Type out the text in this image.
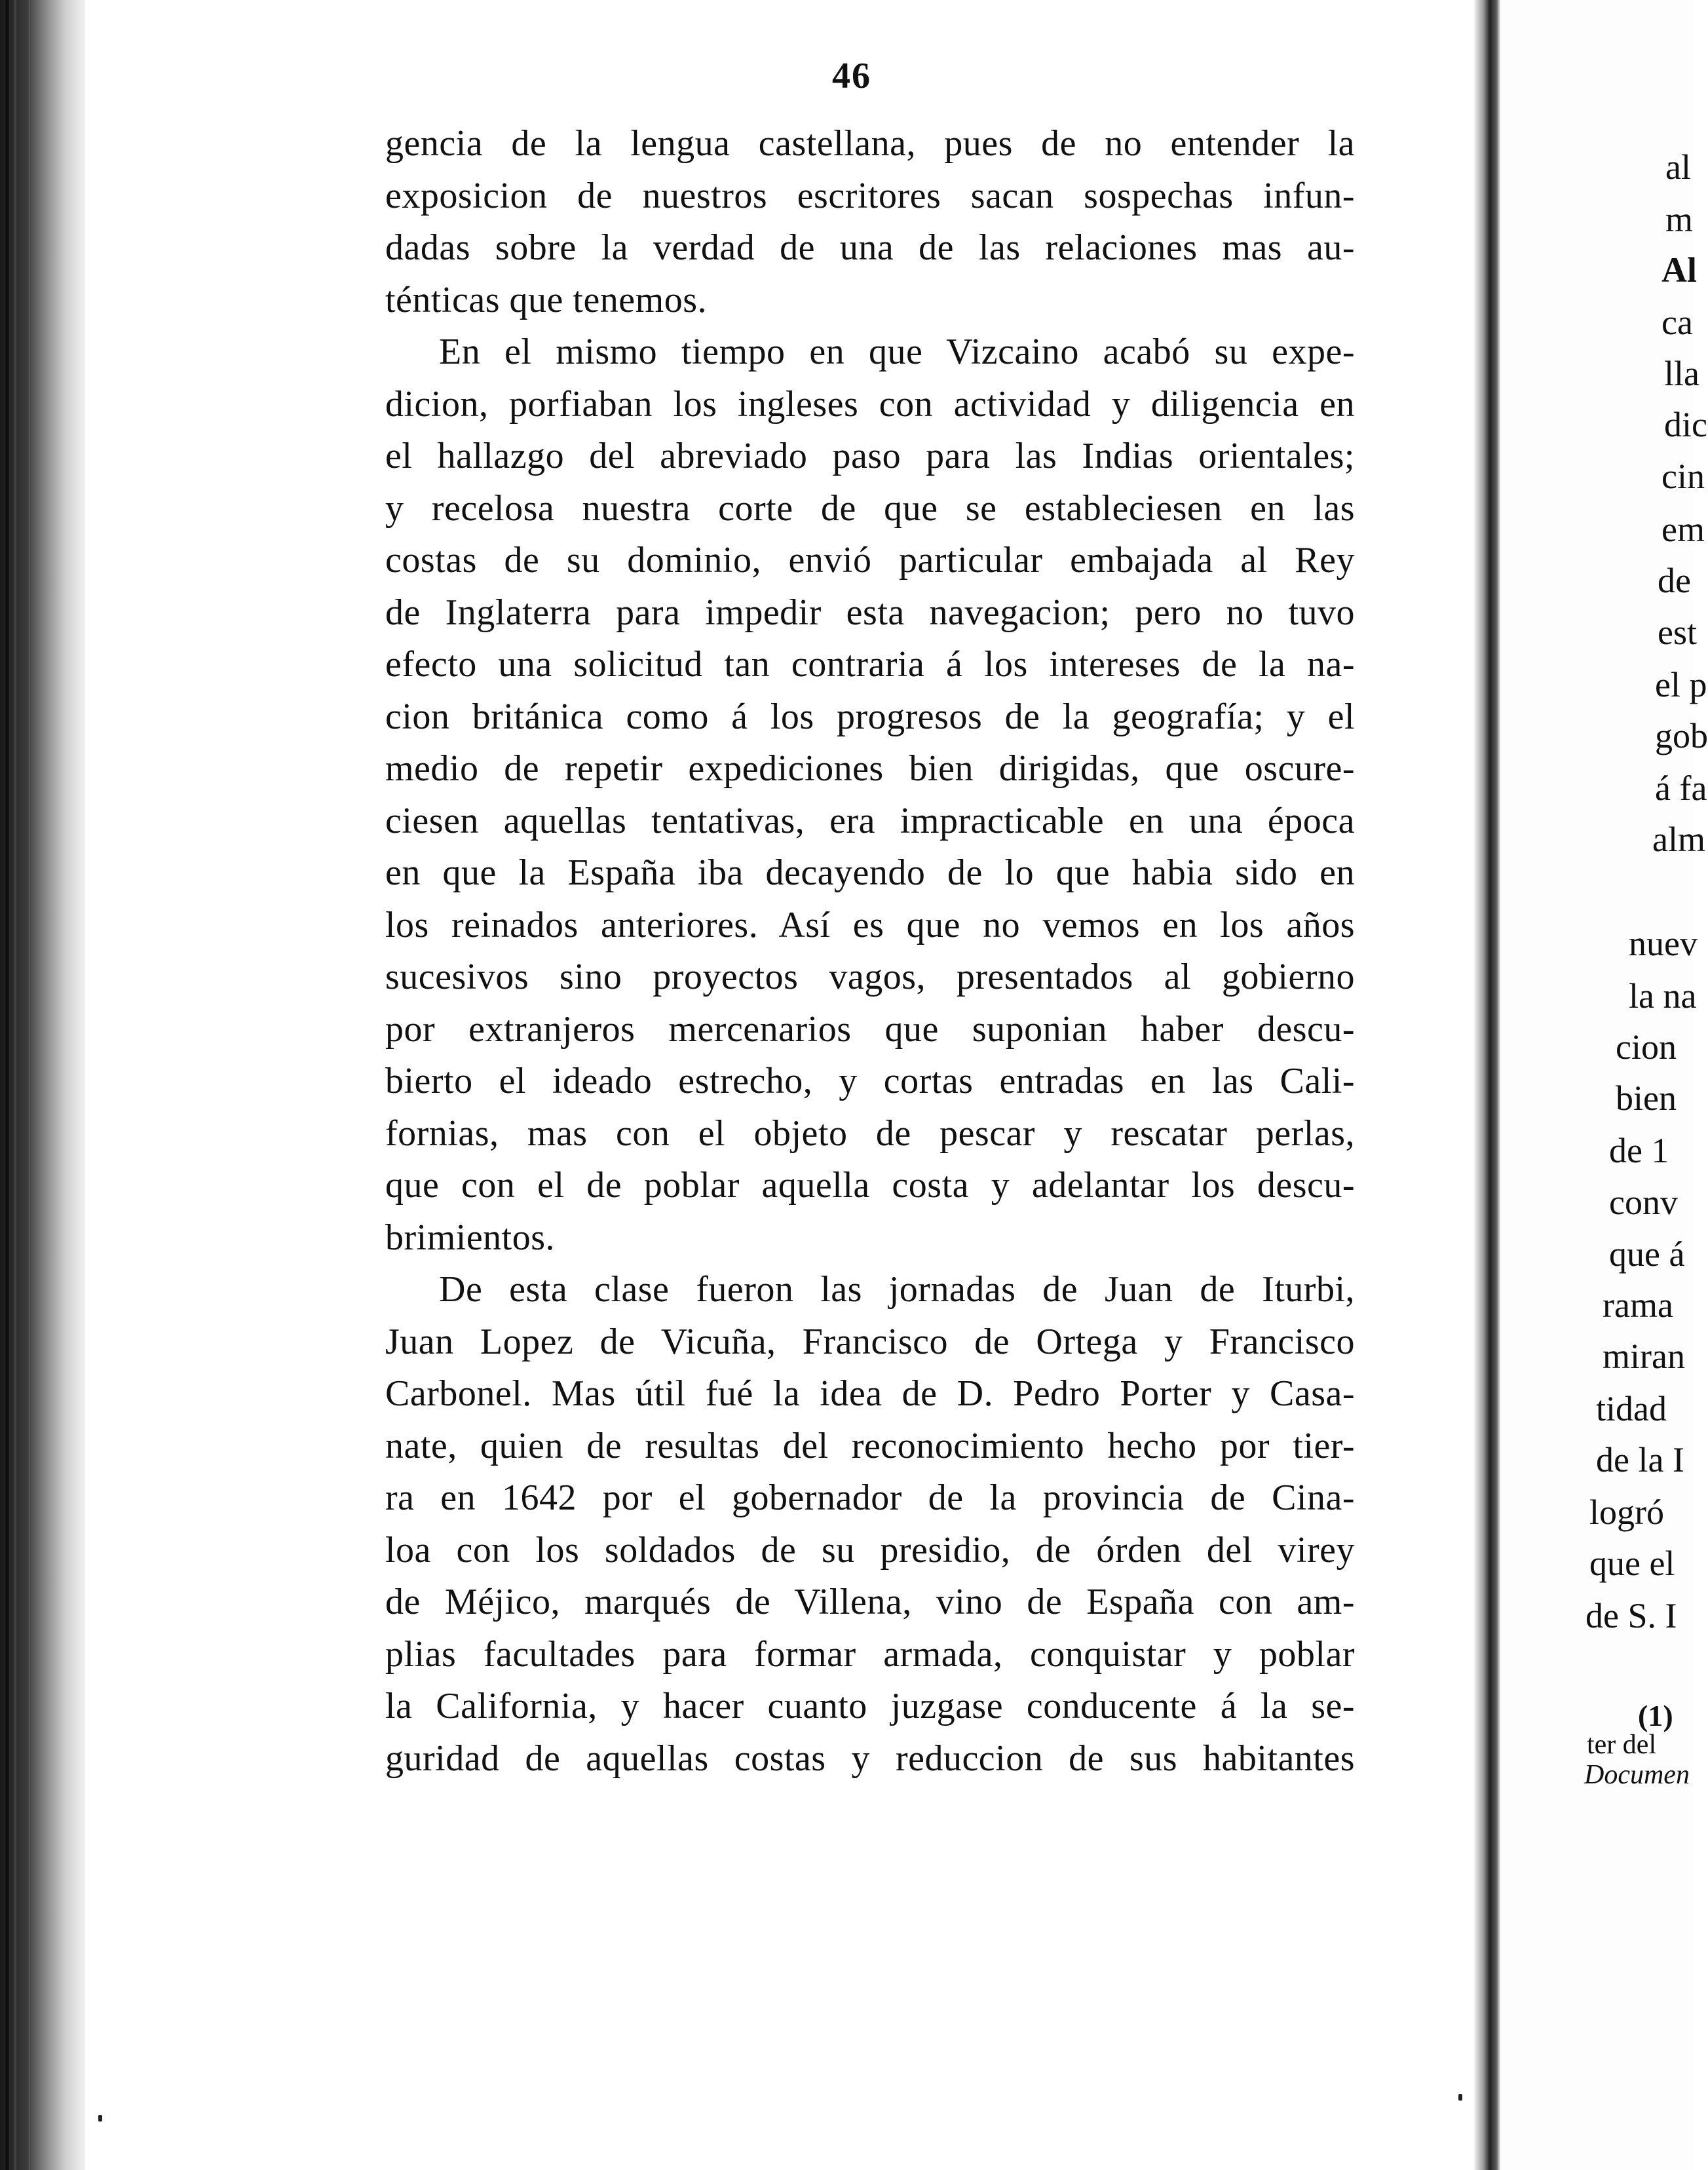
46
gencia de la lengua castellana, pues de no entender la
exposicion de nuestros escritores sacan sospechas infun-
dadas sobre la verdad de una de las relaciones mas au-
ténticas que tenemos.
En el mismo tiempo en que Vizcaino acabó su expe-
dicion, porfiaban los ingleses con actividad y diligencia en
el hallazgo del abreviado paso para las Indias orientales;
y recelosa nuestra corte de que se estableciesen en las
costas de su dominio, envió particular embajada al Rey
de Inglaterra para impedir esta navegacion; pero no tuvo
efecto una solicitud tan contraria á los intereses de la na-
cion británica como á los progresos de la geografía; y el
medio de repetir expediciones bien dirigidas, que oscure-
ciesen aquellas tentativas, era impracticable en una época
en que la España iba decayendo de lo que habia sido en
los reinados anteriores. Así es que no vemos en los años
sucesivos sino proyectos vagos, presentados al gobierno
por extranjeros mercenarios que suponian haber descu-
bierto el ideado estrecho, y cortas entradas en las Cali-
fornias, mas con el objeto de pescar y rescatar perlas,
que con el de poblar aquella costa y adelantar los descu-
brimientos.
De esta clase fueron las jornadas de Juan de Iturbi,
Juan Lopez de Vicuña, Francisco de Ortega y Francisco
Carbonel. Mas útil fué la idea de D. Pedro Porter y Casa-
nate, quien de resultas del reconocimiento hecho por tier-
ra en 1642 por el gobernador de la provincia de Cina-
loa con los soldados de su presidio, de órden del virey
de Méjico, marqués de Villena, vino de España con am-
plias facultades para formar armada, conquistar y poblar
la California, y hacer cuanto juzgase conducente á la se-
guridad de aquellas costas y reduccion de sus habitantes
al
m
Al
ca
lla
dic
cin
em
de
est
el p
gob
á fa
alm
nuev
la na
cion
bien
de 1
conv
que á
rama
miran
tidad
de la I
logró
que el
de S. I
(1)
ter del
Documen
